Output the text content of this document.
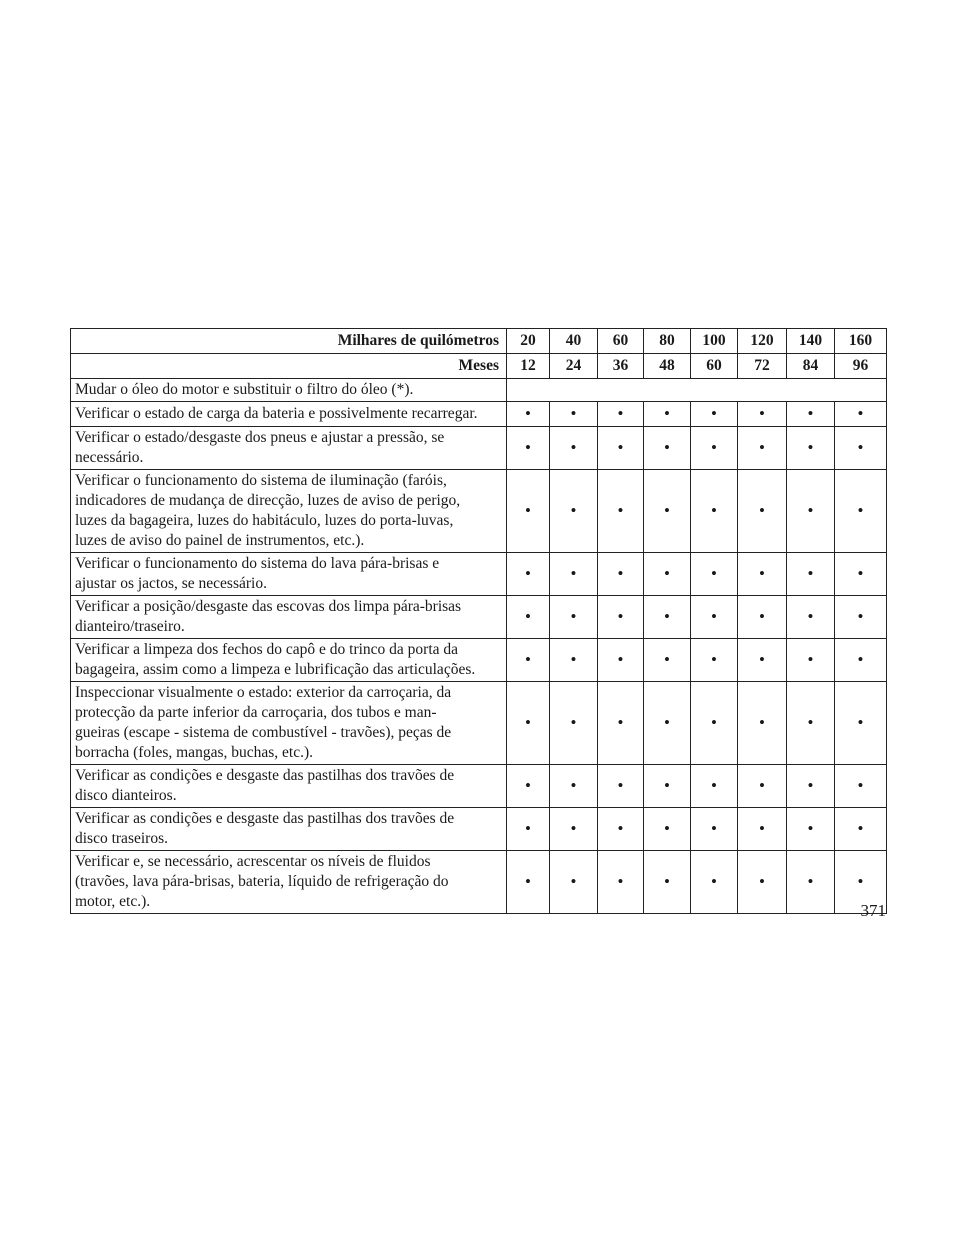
Milhares de quilómetros	20	40	60	80	100	120	140	160
Meses	12	24	36	48	60	72	84	96
Mudar o óleo do motor e substituir o filtro do óleo (*).								
Verificar o estado de carga da bateria e possivelmente recarregar.	•	•	•	•	•	•	•	•
Verificar o estado/desgaste dos pneus e ajustar a pressão, se
necessário.	•	•	•	•	•	•	•	•
Verificar o funcionamento do sistema de iluminação (faróis,
indicadores de mudança de direcção, luzes de aviso de perigo,
luzes da bagageira, luzes do habitáculo, luzes do porta-luvas,
luzes de aviso do painel de instrumentos, etc.).	•	•	•	•	•	•	•	•
Verificar o funcionamento do sistema do lava pára-brisas e
ajustar os jactos, se necessário.	•	•	•	•	•	•	•	•
Verificar a posição/desgaste das escovas dos limpa pára-brisas
dianteiro/traseiro.	•	•	•	•	•	•	•	•
Verificar a limpeza dos fechos do capô e do trinco da porta da
bagageira, assim como a limpeza e lubrificação das articulações.	•	•	•	•	•	•	•	•
Inspeccionar visualmente o estado: exterior da carroçaria, da
protecção da parte inferior da carroçaria, dos tubos e man-
gueiras (escape - sistema de combustível - travões), peças de
borracha (foles, mangas, buchas, etc.).	•	•	•	•	•	•	•	•
Verificar as condições e desgaste das pastilhas dos travões de
disco dianteiros.	•	•	•	•	•	•	•	•
Verificar as condições e desgaste das pastilhas dos travões de
disco traseiros.	•	•	•	•	•	•	•	•
Verificar e, se necessário, acrescentar os níveis de fluidos
(travões, lava pára-brisas, bateria, líquido de refrigeração do
motor, etc.).	•	•	•	•	•	•	•	•
371
